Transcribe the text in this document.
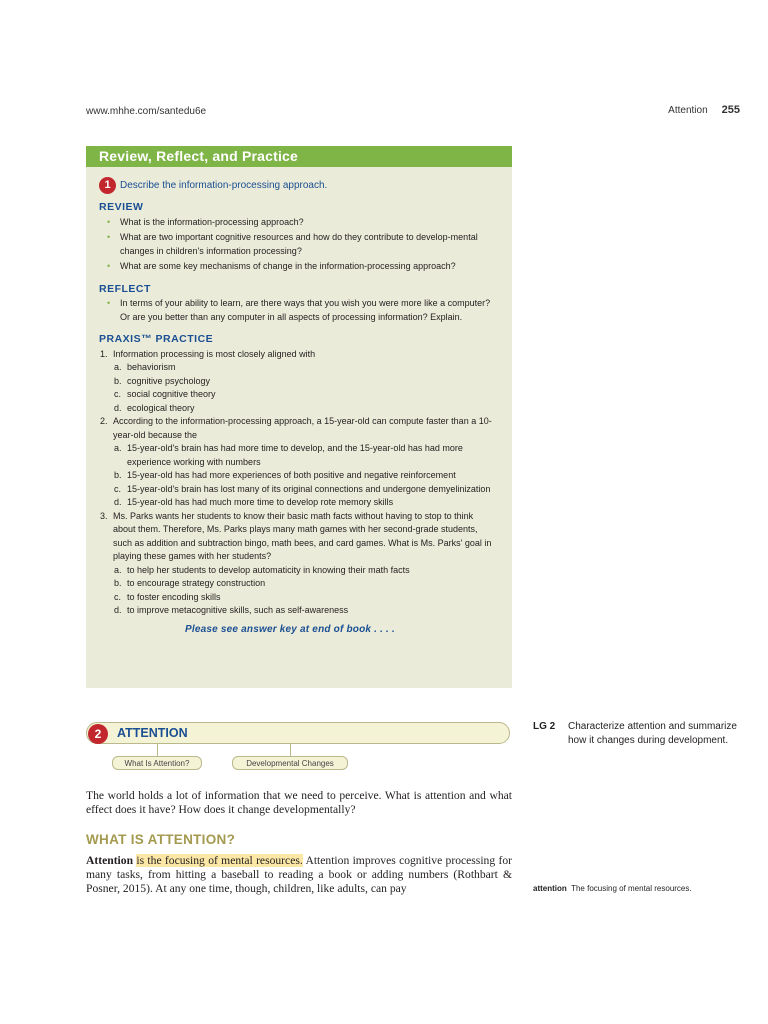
www.mhhe.com/santedu6e	Attention 255
Review, Reflect, and Practice
1 Describe the information-processing approach.
REVIEW
• What is the information-processing approach?
• What are two important cognitive resources and how do they contribute to develop-mental changes in children's information processing?
• What are some key mechanisms of change in the information-processing approach?
REFLECT
• In terms of your ability to learn, are there ways that you wish you were more like a computer? Or are you better than any computer in all aspects of processing information? Explain.
PRAXIS™ PRACTICE
1. Information processing is most closely aligned with
a. behaviorism
b. cognitive psychology
c. social cognitive theory
d. ecological theory
2. According to the information-processing approach, a 15-year-old can compute faster than a 10-year-old because the
a. 15-year-old's brain has had more time to develop, and the 15-year-old has had more experience working with numbers
b. 15-year-old has had more experiences of both positive and negative reinforcement
c. 15-year-old's brain has lost many of its original connections and undergone demyelinization
d. 15-year-old has had much more time to develop rote memory skills
3. Ms. Parks wants her students to know their basic math facts without having to stop to think about them. Therefore, Ms. Parks plays many math games with her second-grade students, such as addition and subtraction bingo, math bees, and card games. What is Ms. Parks' goal in playing these games with her students?
a. to help her students to develop automaticity in knowing their math facts
b. to encourage strategy construction
c. to foster encoding skills
d. to improve metacognitive skills, such as self-awareness
Please see answer key at end of book . . . .
2	ATTENTION
What Is Attention?	Developmental Changes
LG 2	Characterize attention and summarize how it changes during development.
The world holds a lot of information that we need to perceive. What is attention and what effect does it have? How does it change developmentally?
WHAT IS ATTENTION?
Attention is the focusing of mental resources. Attention improves cognitive processing for many tasks, from hitting a baseball to reading a book or adding numbers (Rothbart & Posner, 2015). At any one time, though, children, like adults, can pay	attention The focusing of mental resources.
